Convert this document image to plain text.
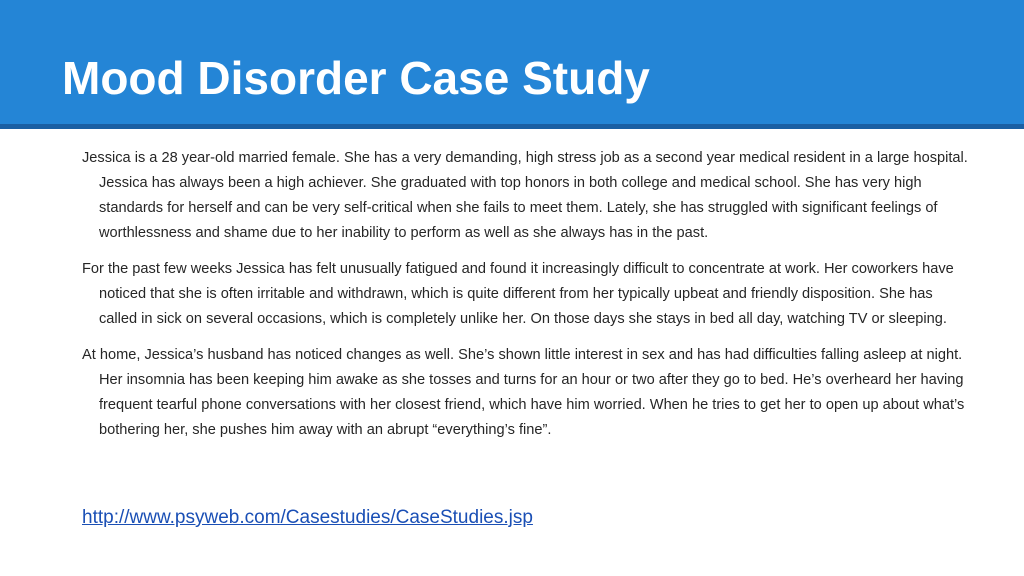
Mood Disorder Case Study

Jessica is a 28 year-old married female. She has a very demanding, high stress job as a second year medical resident in a large hospital. Jessica has always been a high achiever. She graduated with top honors in both college and medical school. She has very high standards for herself and can be very self-critical when she fails to meet them. Lately, she has struggled with significant feelings of worthlessness and shame due to her inability to perform as well as she always has in the past.

For the past few weeks Jessica has felt unusually fatigued and found it increasingly difficult to concentrate at work. Her coworkers have noticed that she is often irritable and withdrawn, which is quite different from her typically upbeat and friendly disposition. She has called in sick on several occasions, which is completely unlike her. On those days she stays in bed all day, watching TV or sleeping.

At home, Jessica’s husband has noticed changes as well. She’s shown little interest in sex and has had difficulties falling asleep at night. Her insomnia has been keeping him awake as she tosses and turns for an hour or two after they go to bed. He’s overheard her having frequent tearful phone conversations with her closest friend, which have him worried. When he tries to get her to open up about what’s bothering her, she pushes him away with an abrupt “everything’s fine”.

http://www.psyweb.com/Casestudies/CaseStudies.jsp
